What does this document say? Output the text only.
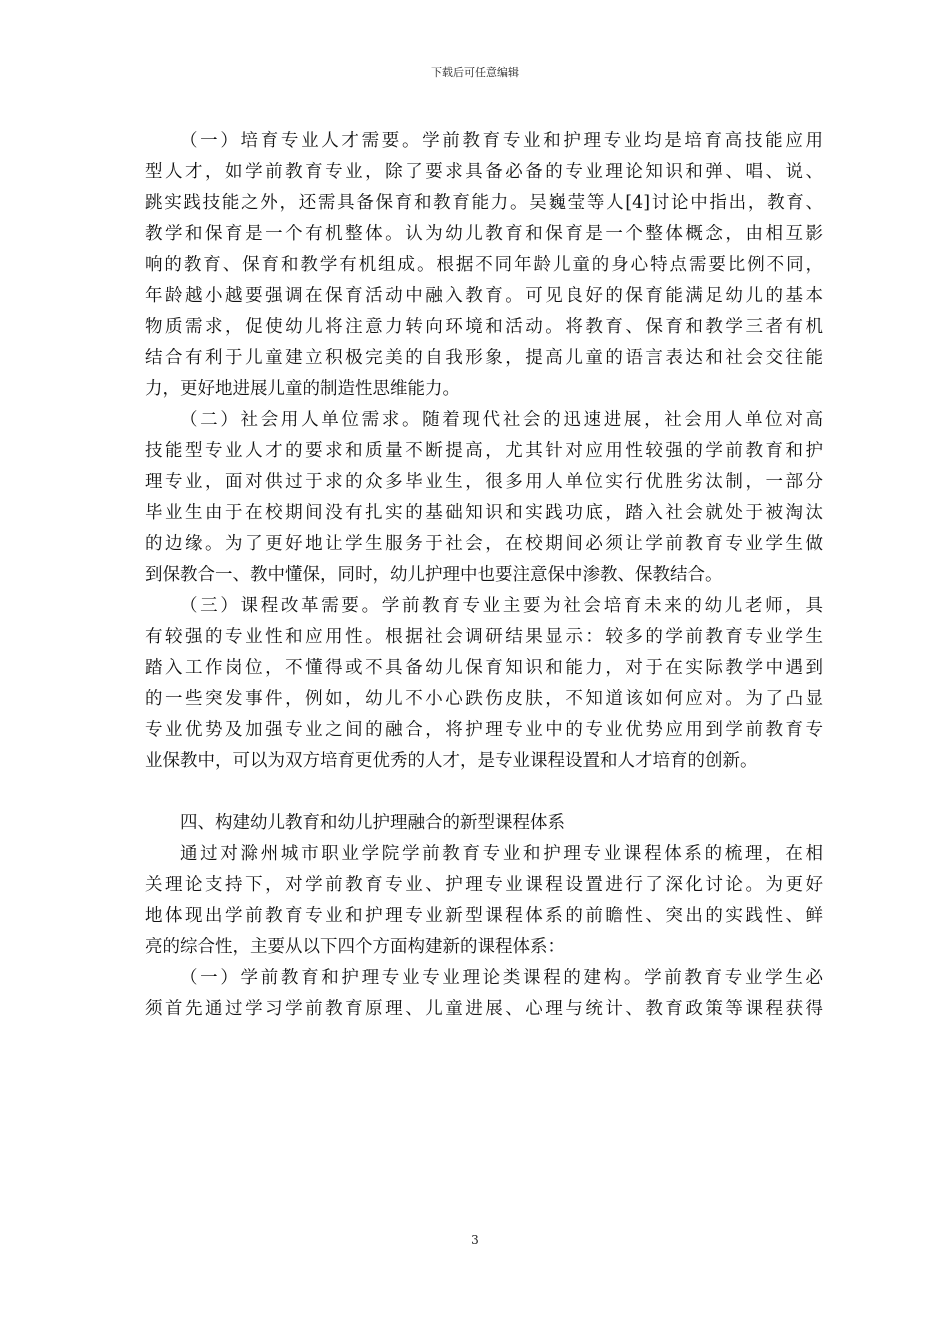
下载后可任意编辑
（一）培育专业人才需要。学前教育专业和护理专业均是培育高技能应用
型人才，如学前教育专业，除了要求具备必备的专业理论知识和弹、唱、说、
跳实践技能之外，还需具备保育和教育能力。吴巍莹等人[4]讨论中指出，教育、
教学和保育是一个有机整体。认为幼儿教育和保育是一个整体概念，由相互影
响的教育、保育和教学有机组成。根据不同年龄儿童的身心特点需要比例不同，
年龄越小越要强调在保育活动中融入教育。可见良好的保育能满足幼儿的基本
物质需求，促使幼儿将注意力转向环境和活动。将教育、保育和教学三者有机
结合有利于儿童建立积极完美的自我形象，提高儿童的语言表达和社会交往能
力，更好地进展儿童的制造性思维能力。
（二）社会用人单位需求。随着现代社会的迅速进展，社会用人单位对高
技能型专业人才的要求和质量不断提高，尤其针对应用性较强的学前教育和护
理专业，面对供过于求的众多毕业生，很多用人单位实行优胜劣汰制，一部分
毕业生由于在校期间没有扎实的基础知识和实践功底，踏入社会就处于被淘汰
的边缘。为了更好地让学生服务于社会，在校期间必须让学前教育专业学生做
到保教合一、教中懂保，同时，幼儿护理中也要注意保中渗教、保教结合。
（三）课程改革需要。学前教育专业主要为社会培育未来的幼儿老师，具
有较强的专业性和应用性。根据社会调研结果显示：较多的学前教育专业学生
踏入工作岗位，不懂得或不具备幼儿保育知识和能力，对于在实际教学中遇到
的一些突发事件，例如，幼儿不小心跌伤皮肤，不知道该如何应对。为了凸显
专业优势及加强专业之间的融合，将护理专业中的专业优势应用到学前教育专
业保教中，可以为双方培育更优秀的人才，是专业课程设置和人才培育的创新。
四、构建幼儿教育和幼儿护理融合的新型课程体系
通过对滁州城市职业学院学前教育专业和护理专业课程体系的梳理，在相
关理论支持下，对学前教育专业、护理专业课程设置进行了深化讨论。为更好
地体现出学前教育专业和护理专业新型课程体系的前瞻性、突出的实践性、鲜
亮的综合性，主要从以下四个方面构建新的课程体系：
（一）学前教育和护理专业专业理论类课程的建构。学前教育专业学生必
须首先通过学习学前教育原理、儿童进展、心理与统计、教育政策等课程获得
3
